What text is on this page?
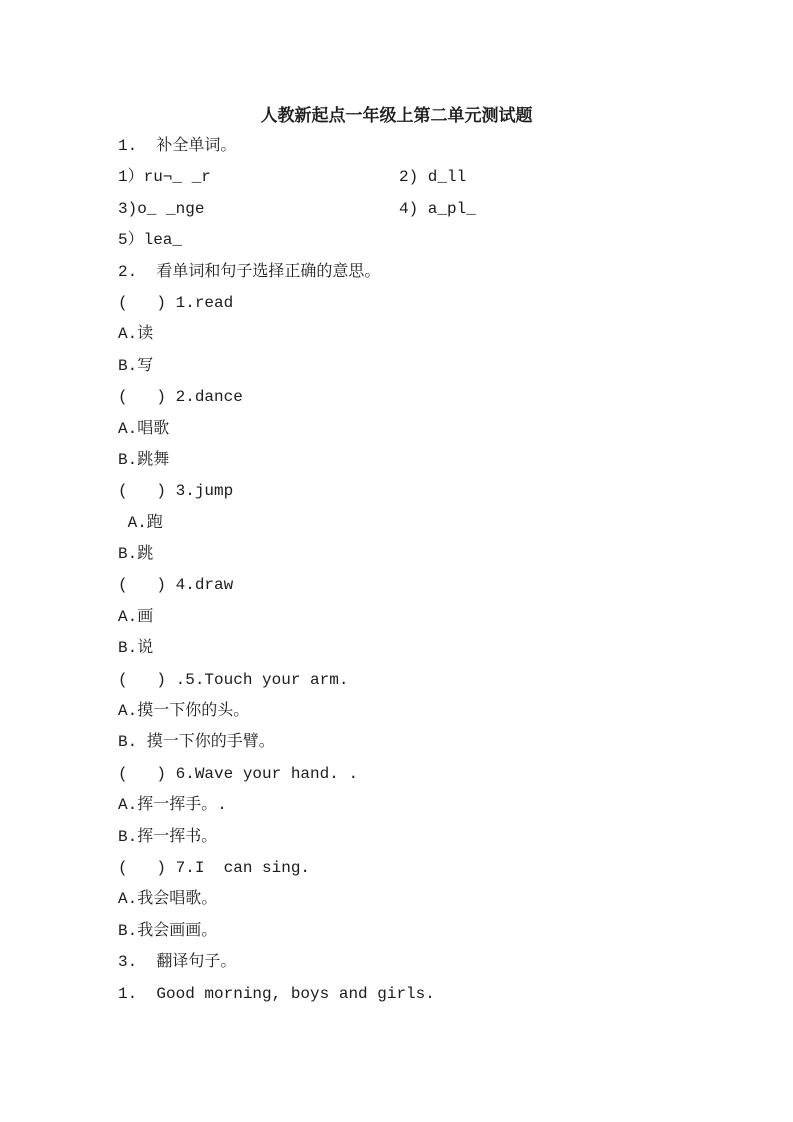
人教新起点一年级上第二单元测试题
1.  补全单词。
1）ru¬_ _r	2) d_ll
3)o_ _nge	4) a_pl_
5）lea_
2.  看单词和句子选择正确的意思。
(   ) 1.read
A.读
B.写
(   ) 2.dance
A.唱歌
B.跳舞
(   ) 3.jump
A.跑
B.跳
(   ) 4.draw
A.画
B.说
(   ) .5.Touch your arm.
A.摸一下你的头。
B. 摸一下你的手臂。
(   ) 6.Wave your hand. .
A.挥一挥手。.
B.挥一挥书。
(   ) 7.I  can sing.
A.我会唱歌。
B.我会画画。
3.  翻译句子。
1.  Good morning, boys and girls.
